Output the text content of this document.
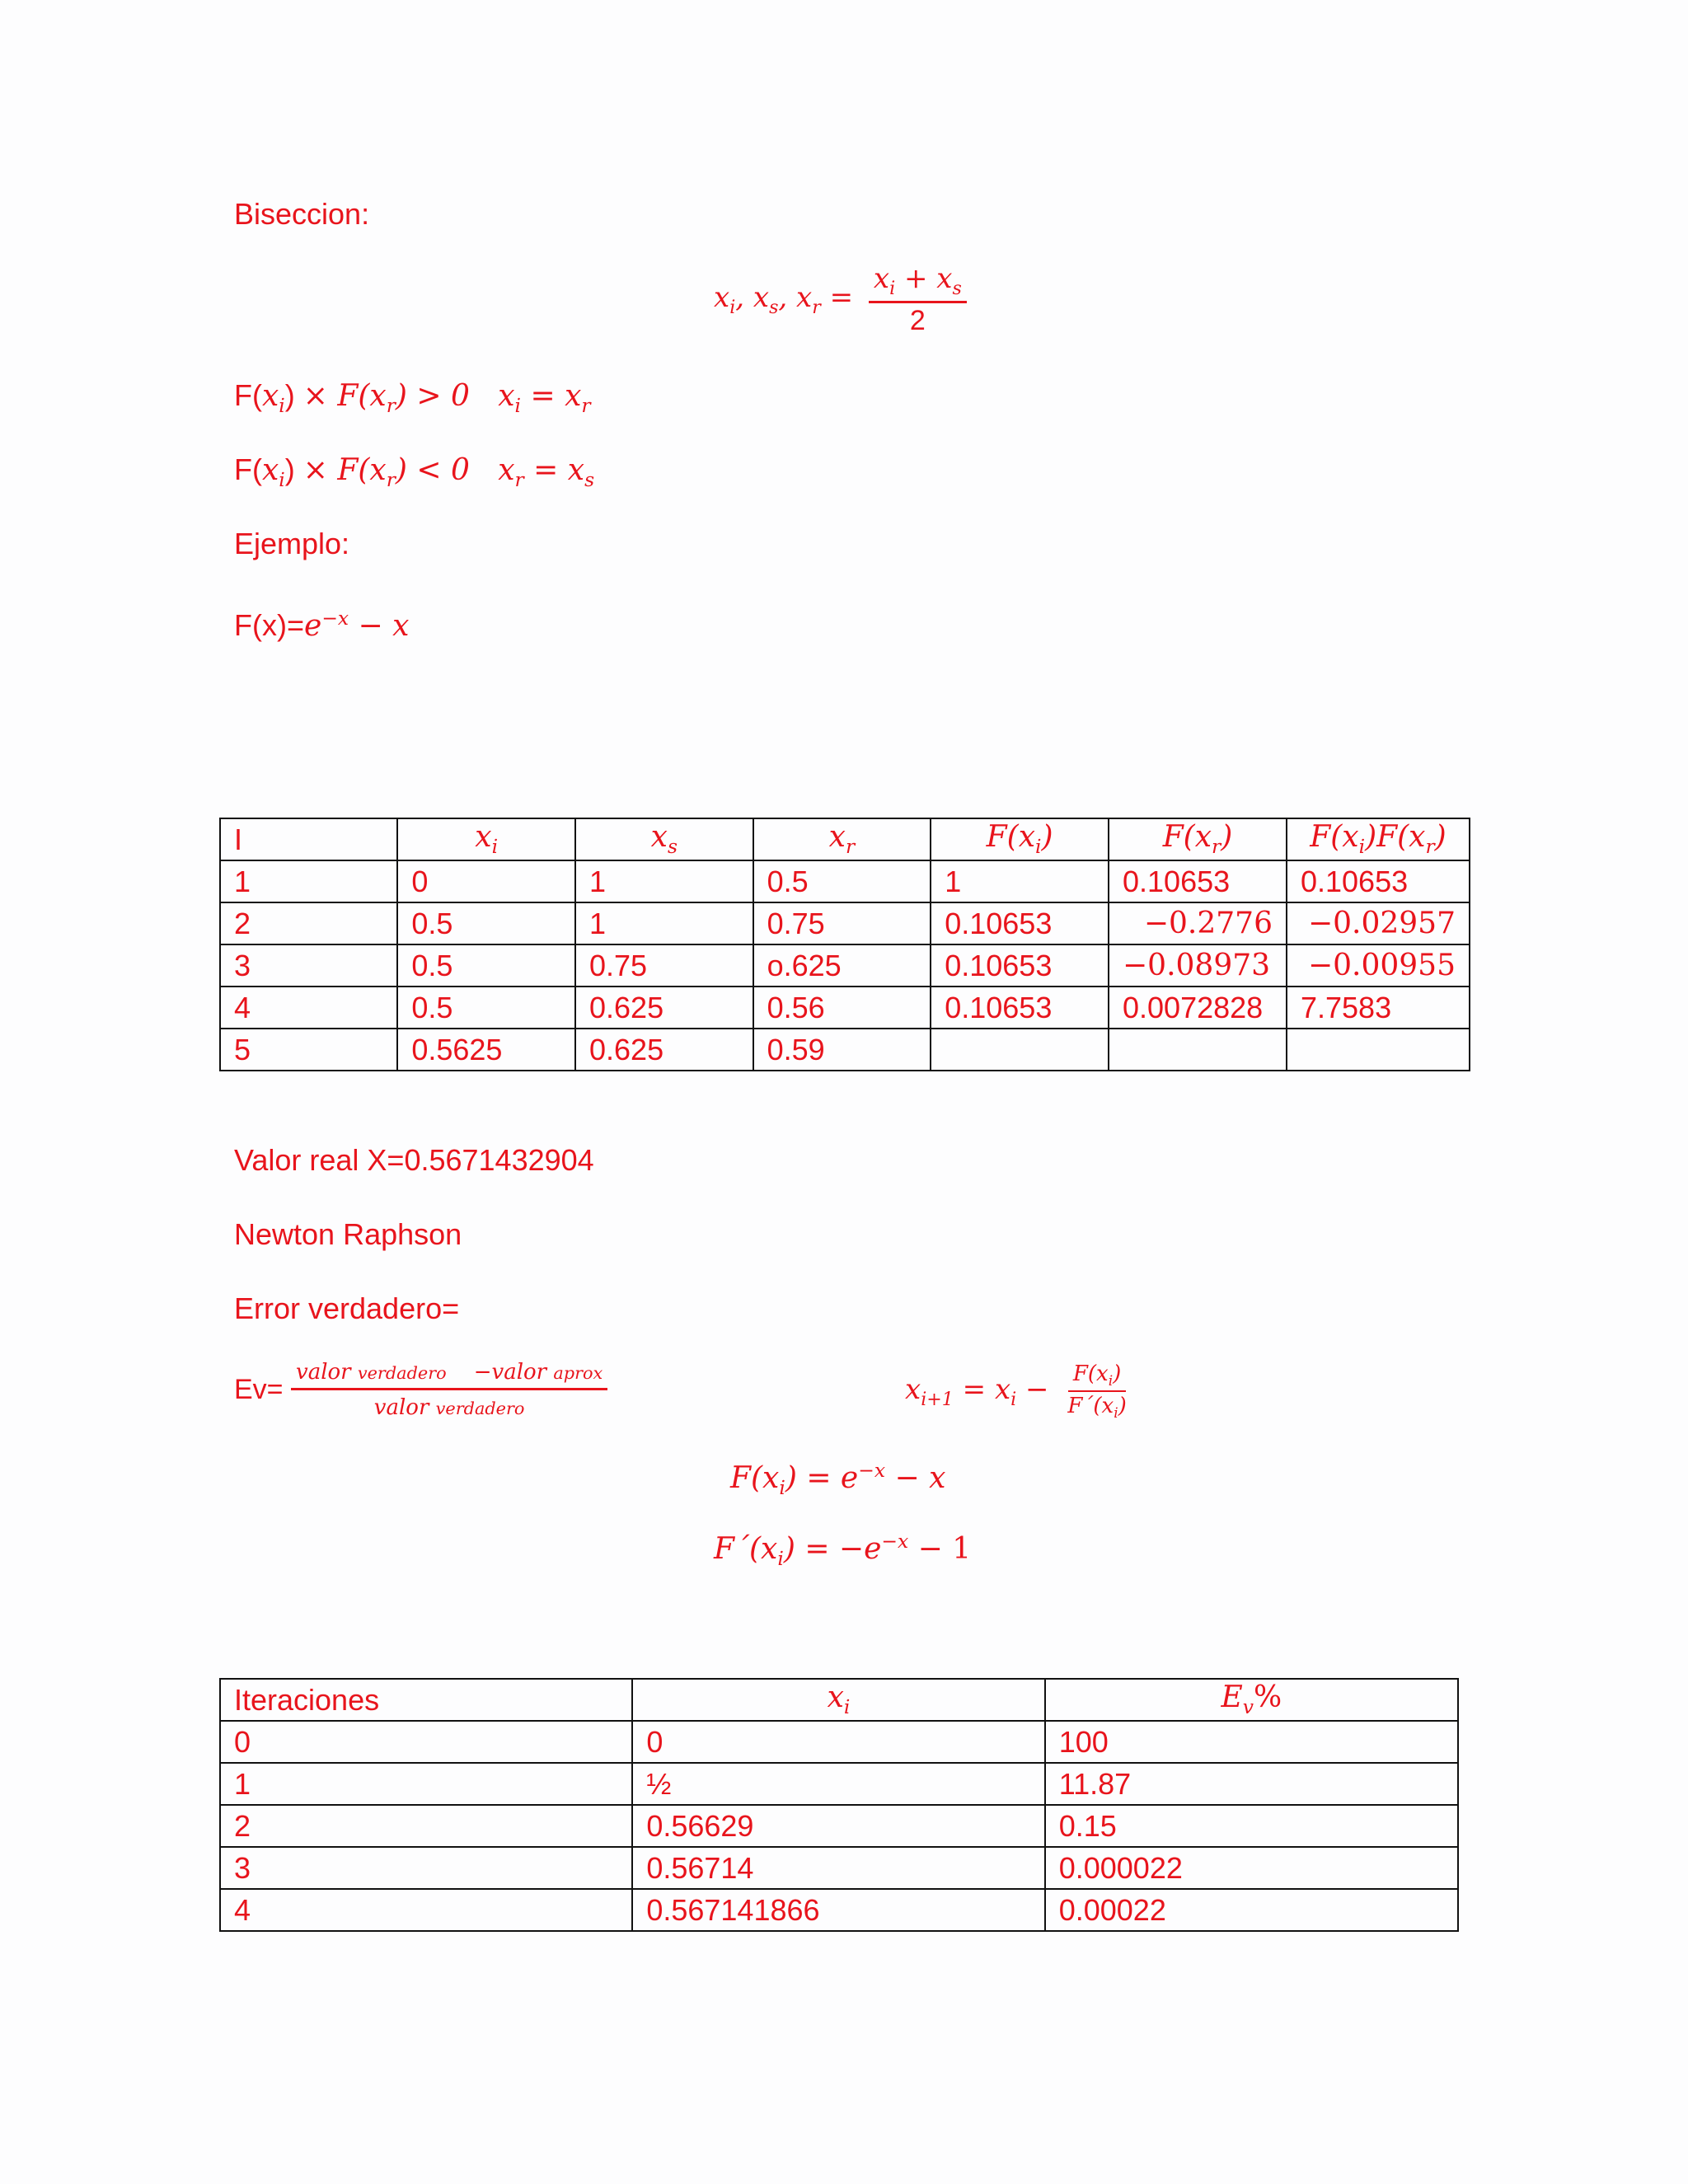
Biseccion:
$x_i$, $x_s$, $x_r = \frac{x_i + x_s}{2}$
$F(x_i) \times F(x_r) > 0$   $x_i = x_r$
$F(x_i) \times F(x_r) < 0$   $x_r = x_s$
Ejemplo:
$F(x)=e^{-x} - x$
I	$x_i$	$x_s$	$x_r$	$F(x_i)$	$F(x_r)$	$F(x_i)F(x_r)$
1	0	1	0.5	1	0.10653	0.10653
2	0.5	1	0.75	0.10653	−0.2776	−0.02957
3	0.5	0.75	o.625	0.10653	−0.08973	−0.00955
4	0.5	0.625	0.56	0.10653	0.0072828	7.7583
5	0.5625	0.625	0.59			
Valor real X=0.5671432904
Newton Raphson
Error verdadero=
$Ev= \frac{\text{valor verdadero −valor aprox}}{\text{valor verdadero}}$	$x_{i+1} = x_i - \frac{F(x_i)}{F´(x_i)}$
$F(x_i) = e^{-x} - x$
$F´(x_i) = -e^{-x} - 1$
Iteraciones	$x_i$	$E_v\%$
0	0	100
1	½	11.87
2	0.56629	0.15
3	0.56714	0.000022
4	0.567141866	0.00022
